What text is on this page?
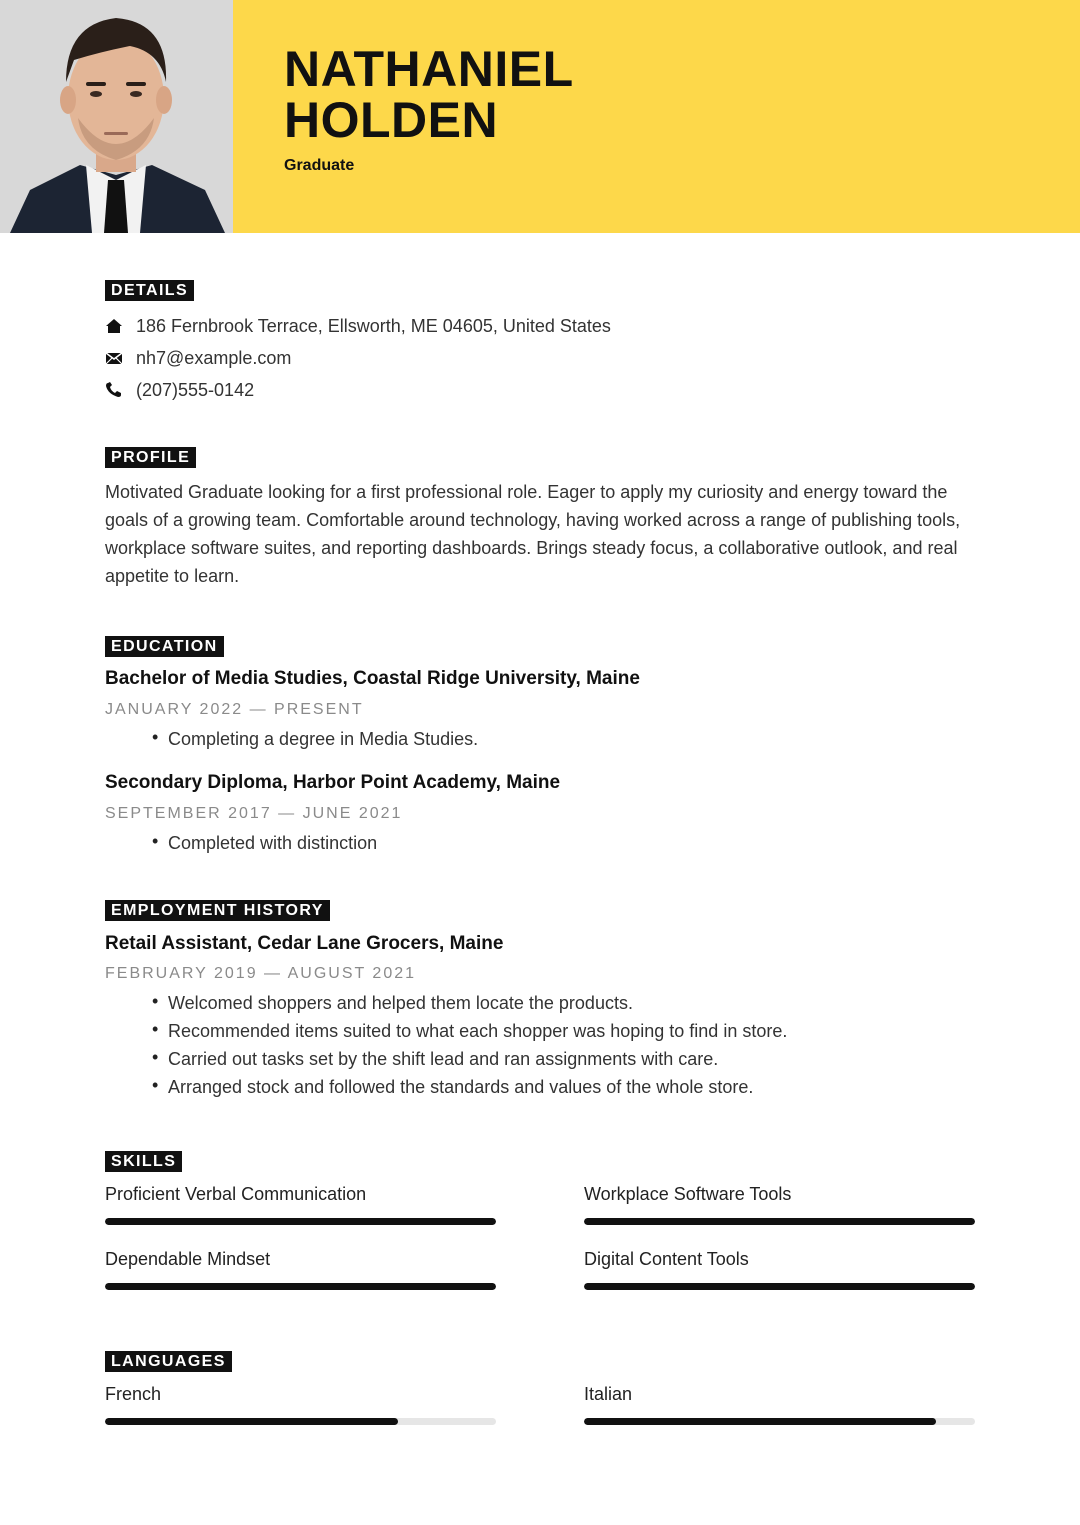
NATHANIEL
HOLDEN
Graduate
DETAILS
186 Fernbrook Terrace, Ellsworth, ME 04605, United States
nh7@example.com
(207)555-0142
PROFILE
Motivated Graduate looking for a first professional role. Eager to apply my curiosity and energy toward the goals of a growing team. Comfortable around technology, having worked across a range of publishing tools, workplace software suites, and reporting dashboards. Brings steady focus, a collaborative outlook, and real appetite to learn.
EDUCATION
Bachelor of Media Studies, Coastal Ridge University, Maine
JANUARY 2022 — PRESENT
• Completing a degree in Media Studies.
Secondary Diploma, Harbor Point Academy, Maine
SEPTEMBER 2017 — JUNE 2021
• Completed with distinction
EMPLOYMENT HISTORY
Retail Assistant, Cedar Lane Grocers, Maine
FEBRUARY 2019 — AUGUST 2021
• Welcomed shoppers and helped them locate the products.
• Recommended items suited to what each shopper was hoping to find in store.
• Carried out tasks set by the shift lead and ran assignments with care.
• Arranged stock and followed the standards and values of the whole store.
SKILLS
Proficient Verbal Communication	Workplace Software Tools
Dependable Mindset	Digital Content Tools
LANGUAGES
French	Italian
